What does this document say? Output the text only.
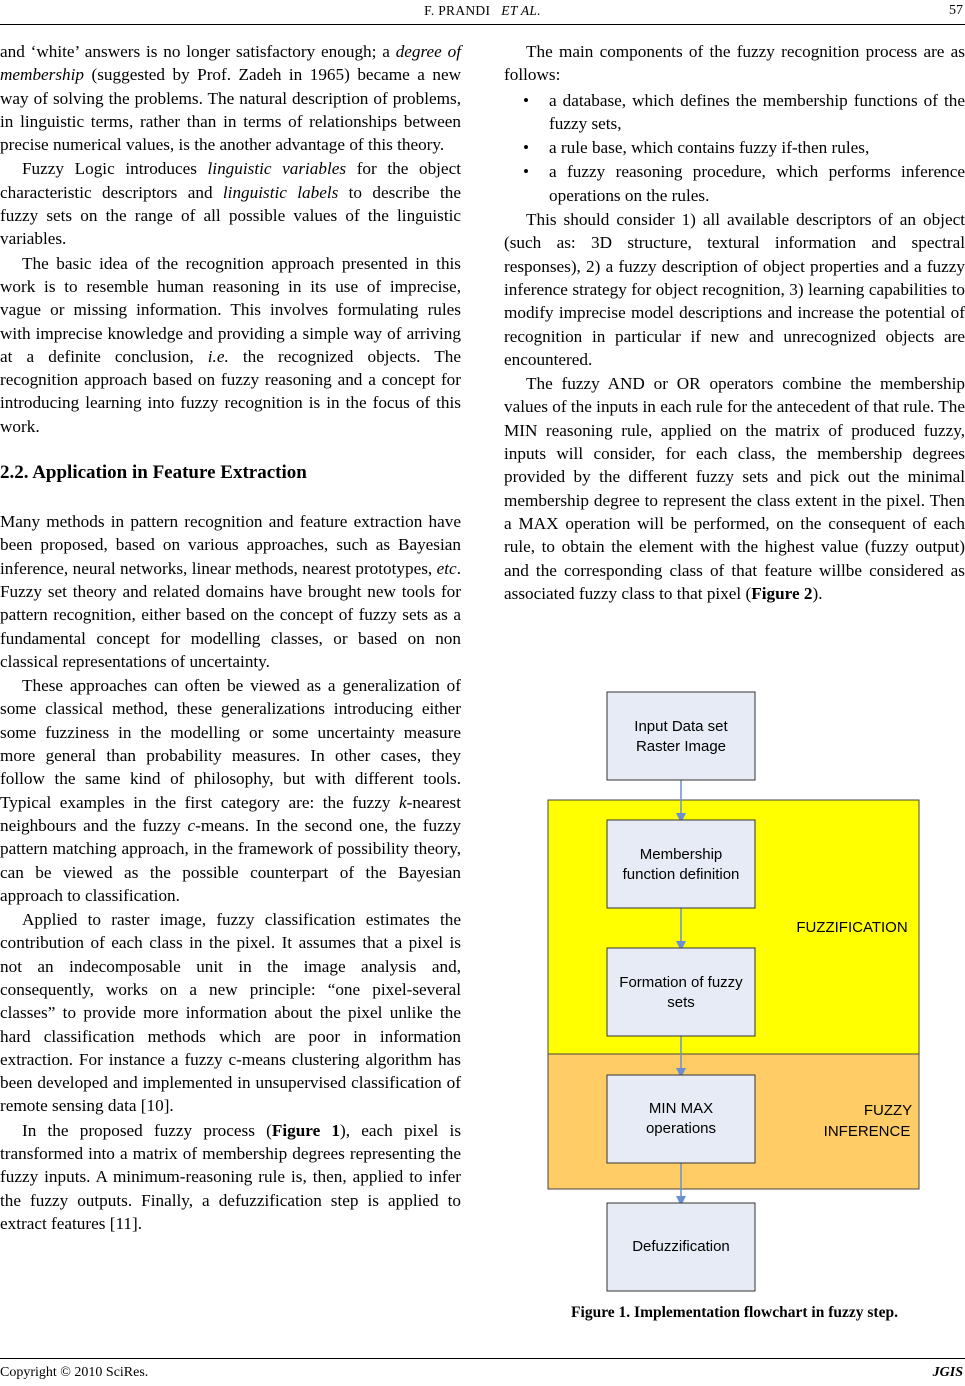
F. PRANDI ET AL.	57

and ‘white’ answers is no longer satisfactory enough; a degree of membership (suggested by Prof. Zadeh in 1965) became a new way of solving the problems. The natural description of problems, in linguistic terms, rather than in terms of relationships between precise numerical values, is the another advantage of this theory.

Fuzzy Logic introduces linguistic variables for the object characteristic descriptors and linguistic labels to describe the fuzzy sets on the range of all possible values of the linguistic variables.

The basic idea of the recognition approach presented in this work is to resemble human reasoning in its use of imprecise, vague or missing information. This involves formulating rules with imprecise knowledge and providing a simple way of arriving at a definite conclusion, i.e. the recognized objects. The recognition approach based on fuzzy reasoning and a concept for introducing learning into fuzzy recognition is in the focus of this work.

2.2. Application in Feature Extraction

Many methods in pattern recognition and feature extraction have been proposed, based on various approaches, such as Bayesian inference, neural networks, linear methods, nearest prototypes, etc. Fuzzy set theory and related domains have brought new tools for pattern recognition, either based on the concept of fuzzy sets as a fundamental concept for modelling classes, or based on non classical representations of uncertainty.

These approaches can often be viewed as a generalization of some classical method, these generalizations introducing either some fuzziness in the modelling or some uncertainty measure more general than probability measures. In other cases, they follow the same kind of philosophy, but with different tools. Typical examples in the first category are: the fuzzy k-nearest neighbours and the fuzzy c-means. In the second one, the fuzzy pattern matching approach, in the framework of possibility theory, can be viewed as the possible counterpart of the Bayesian approach to classification.

Applied to raster image, fuzzy classification estimates the contribution of each class in the pixel. It assumes that a pixel is not an indecomposable unit in the image analysis and, consequently, works on a new principle: “one pixel-several classes” to provide more information about the pixel unlike the hard classification methods which are poor in information extraction. For instance a fuzzy c-means clustering algorithm has been developed and implemented in unsupervised classification of remote sensing data [10].

In the proposed fuzzy process (Figure 1), each pixel is transformed into a matrix of membership degrees representing the fuzzy inputs. A minimum-reasoning rule is, then, applied to infer the fuzzy outputs. Finally, a defuzzification step is applied to extract features [11].

The main components of the fuzzy recognition process are as follows:

• a database, which defines the membership functions of the fuzzy sets,
• a rule base, which contains fuzzy if-then rules,
• a fuzzy reasoning procedure, which performs inference operations on the rules.

This should consider 1) all available descriptors of an object (such as: 3D structure, textural information and spectral responses), 2) a fuzzy description of object properties and a fuzzy inference strategy for object recognition, 3) learning capabilities to modify imprecise model descriptions and increase the potential of recognition in particular if new and unrecognized objects are encountered.

The fuzzy AND or OR operators combine the membership values of the inputs in each rule for the antecedent of that rule. The MIN reasoning rule, applied on the matrix of produced fuzzy, inputs will consider, for each class, the membership degrees provided by the different fuzzy sets and pick out the minimal membership degree to represent the class extent in the pixel. Then a MAX operation will be performed, on the consequent of each rule, to obtain the element with the highest value (fuzzy output) and the corresponding class of that feature willbe considered as associated fuzzy class to that pixel (Figure 2).

FUZZIFICATION
FUZZY
INFERENCE
Input Data set
Raster Image
Membership
function definition
Formation of fuzzy
sets
MIN MAX
operations
Defuzzification
Figure 1. Implementation flowchart in fuzzy step.
Copyright © 2010 SciRes.	JGIS
